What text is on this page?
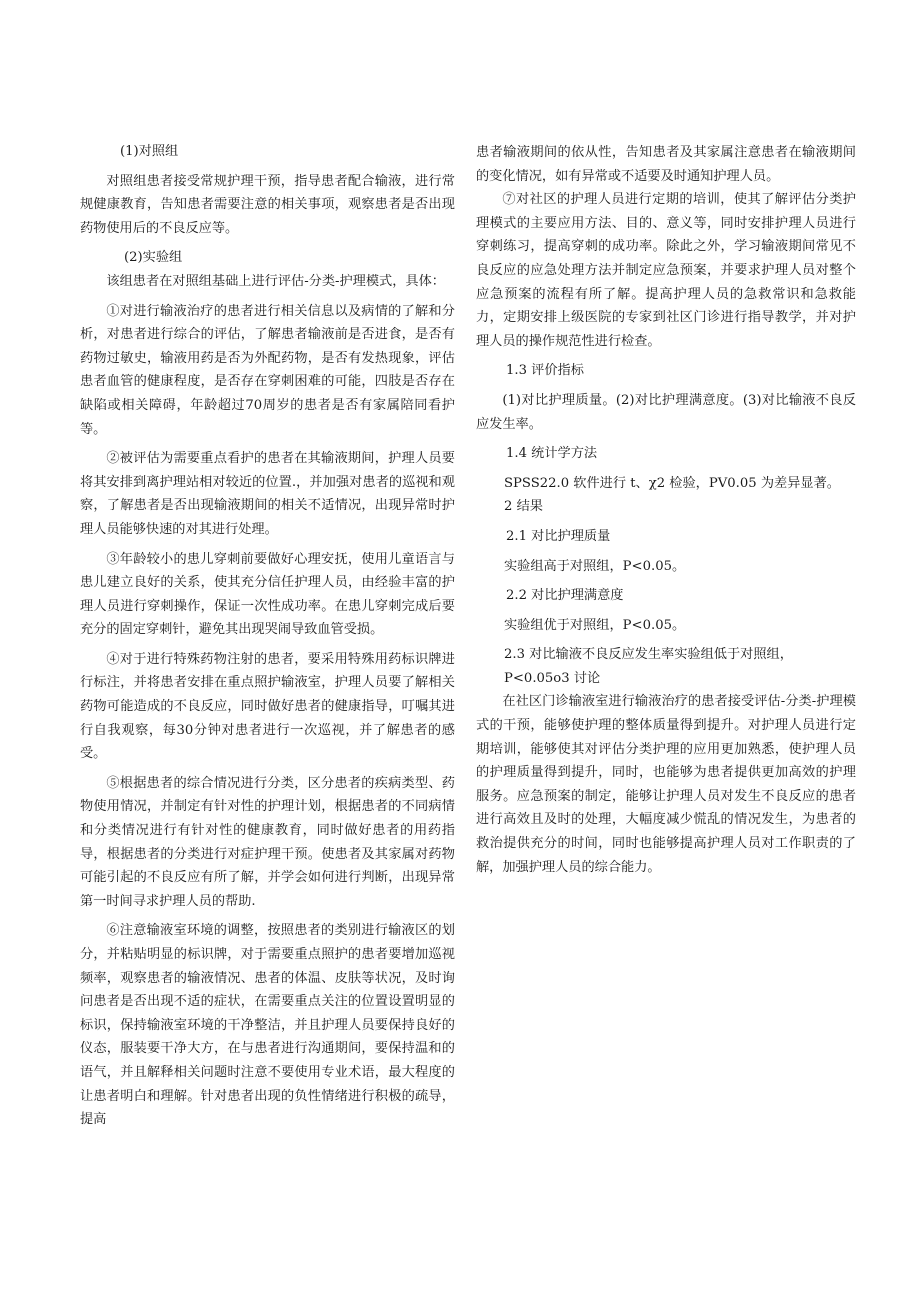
(1)对照组
对照组患者接受常规护理干预，指导患者配合输液，进行常规健康教育，告知患者需要注意的相关事项，观察患者是否出现药物使用后的不良反应等。
(2)实验组
该组患者在对照组基础上进行评估-分类-护理模式，具体：
①对进行输液治疗的患者进行相关信息以及病情的了解和分析，对患者进行综合的评估，了解患者输液前是否进食，是否有药物过敏史，输液用药是否为外配药物，是否有发热现象，评估患者血管的健康程度，是否存在穿刺困难的可能，四肢是否存在缺陷或相关障碍，年龄超过70周岁的患者是否有家属陪同看护等。
②被评估为需要重点看护的患者在其输液期间，护理人员要将其安排到离护理站相对较近的位置.，并加强对患者的巡视和观察，了解患者是否出现输液期间的相关不适情况，出现异常时护理人员能够快速的对其进行处理。
③年龄较小的患儿穿刺前要做好心理安抚，使用儿童语言与患儿建立良好的关系，使其充分信任护理人员，由经验丰富的护理人员进行穿刺操作，保证一次性成功率。在患儿穿刺完成后要充分的固定穿刺针，避免其出现哭闹导致血管受损。
④对于进行特殊药物注射的患者，要采用特殊用药标识牌进行标注，并将患者安排在重点照护输液室，护理人员要了解相关药物可能造成的不良反应，同时做好患者的健康指导，叮嘱其进行自我观察，每30分钟对患者进行一次巡视，并了解患者的感受。
⑤根据患者的综合情况进行分类，区分患者的疾病类型、药物使用情况，并制定有针对性的护理计划，根据患者的不同病情和分类情况进行有针对性的健康教育，同时做好患者的用药指导，根据患者的分类进行对症护理干预。使患者及其家属对药物可能引起的不良反应有所了解，并学会如何进行判断，出现异常第一时间寻求护理人员的帮助.
⑥注意输液室环境的调整，按照患者的类别进行输液区的划分，并粘贴明显的标识牌，对于需要重点照护的患者要增加巡视频率，观察患者的输液情况、患者的体温、皮肤等状况，及时询问患者是否出现不适的症状，在需要重点关注的位置设置明显的标识，保持输液室环境的干净整洁，并且护理人员要保持良好的仪态，服装要干净大方，在与患者进行沟通期间，要保持温和的语气，并且解释相关问题时注意不要使用专业术语，最大程度的让患者明白和理解。针对患者出现的负性情绪进行积极的疏导，提高
患者输液期间的依从性，告知患者及其家属注意患者在输液期间的变化情况，如有异常或不适要及时通知护理人员。
⑦对社区的护理人员进行定期的培训，使其了解评估分类护理模式的主要应用方法、目的、意义等，同时安排护理人员进行穿刺练习，提高穿刺的成功率。除此之外，学习输液期间常见不良反应的应急处理方法并制定应急预案，并要求护理人员对整个应急预案的流程有所了解。提高护理人员的急救常识和急救能力，定期安排上级医院的专家到社区门诊进行指导教学，并对护理人员的操作规范性进行检查。
1.3 评价指标
(1)对比护理质量。(2)对比护理满意度。(3)对比输液不良反应发生率。
1.4 统计学方法
SPSS22.0 软件进行 t、χ2 检验，PV0.05 为差异显著。
2 结果
2.1 对比护理质量
实验组高于对照组，P<0.05。
2.2 对比护理满意度
实验组优于对照组，P<0.05。
2.3 对比输液不良反应发生率实验组低于对照组，
P<0.05o3 讨论
在社区门诊输液室进行输液治疗的患者接受评估-分类-护理模式的干预，能够使护理的整体质量得到提升。对护理人员进行定期培训，能够使其对评估分类护理的应用更加熟悉，使护理人员的护理质量得到提升，同时，也能够为患者提供更加高效的护理服务。应急预案的制定，能够让护理人员对发生不良反应的患者进行高效且及时的处理，大幅度减少慌乱的情况发生，为患者的救治提供充分的时间，同时也能够提高护理人员对工作职责的了解，加强护理人员的综合能力。
